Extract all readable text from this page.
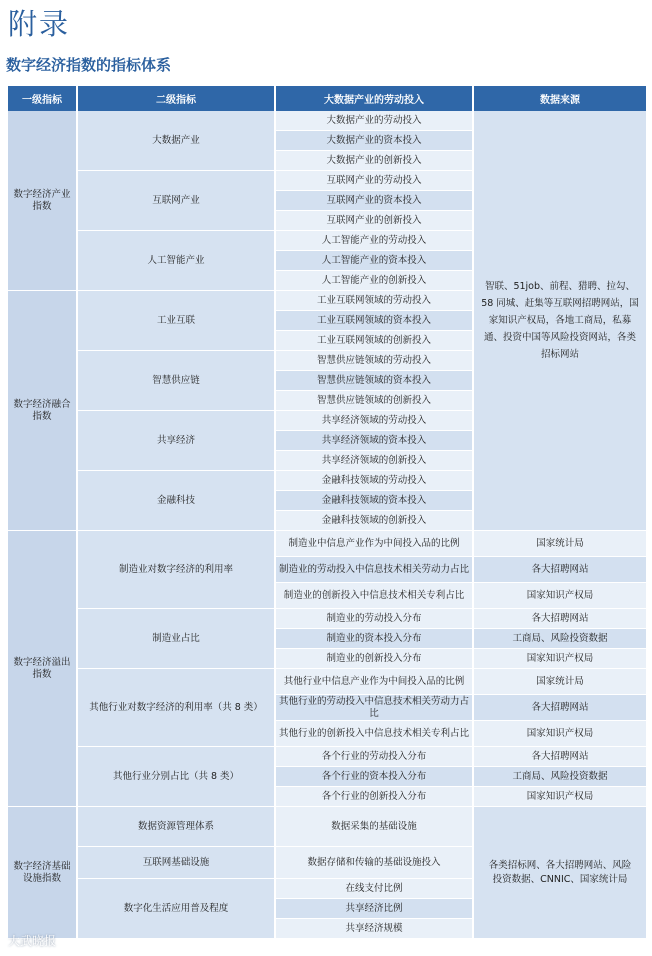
附录
数字经济指数的指标体系
一级指标	二级指标	大数据产业的劳动投入	数据来源
数字经济产业指数	大数据产业	大数据产业的劳动投入	智联、51job、前程、猎聘、拉勾、58 同城、赶集等互联网招聘网站，国家知识产权局，各地工商局，私募通、投资中国等风险投资网站，各类招标网站
		大数据产业的资本投入	
		大数据产业的创新投入	
	互联网产业	互联网产业的劳动投入	
		互联网产业的资本投入	
		互联网产业的创新投入	
	人工智能产业	人工智能产业的劳动投入	
		人工智能产业的资本投入	
		人工智能产业的创新投入	
数字经济融合指数	工业互联	工业互联网领域的劳动投入	
		工业互联网领域的资本投入	
		工业互联网领域的创新投入	
	智慧供应链	智慧供应链领域的劳动投入	
		智慧供应链领域的资本投入	
		智慧供应链领域的创新投入	
	共享经济	共享经济领域的劳动投入	
		共享经济领域的资本投入	
		共享经济领域的创新投入	
	金融科技	金融科技领域的劳动投入	
		金融科技领域的资本投入	
		金融科技领域的创新投入	
数字经济溢出指数	制造业对数字经济的利用率	制造业中信息产业作为中间投入品的比例	国家统计局
		制造业的劳动投入中信息技术相关劳动力占比	各大招聘网站
		制造业的创新投入中信息技术相关专利占比	国家知识产权局
	制造业占比	制造业的劳动投入分布	各大招聘网站
		制造业的资本投入分布	工商局、风险投资数据
		制造业的创新投入分布	国家知识产权局
	其他行业对数字经济的利用率（共 8 类）	其他行业中信息产业作为中间投入品的比例	国家统计局
		其他行业的劳动投入中信息技术相关劳动力占比	各大招聘网站
		其他行业的创新投入中信息技术相关专利占比	国家知识产权局
	其他行业分别占比（共 8 类）	各个行业的劳动投入分布	各大招聘网站
		各个行业的资本投入分布	工商局、风险投资数据
		各个行业的创新投入分布	国家知识产权局
数字经济基础设施指数	数据资源管理体系	数据采集的基础设施	各类招标网、各大招聘网站、风险投资数据、CNNIC、国家统计局
	互联网基础设施	数据存储和传输的基础设施投入	
	数字化生活应用普及程度	在线支付比例	
		共享经济比例	
		共享经济规模	
大武晓报
